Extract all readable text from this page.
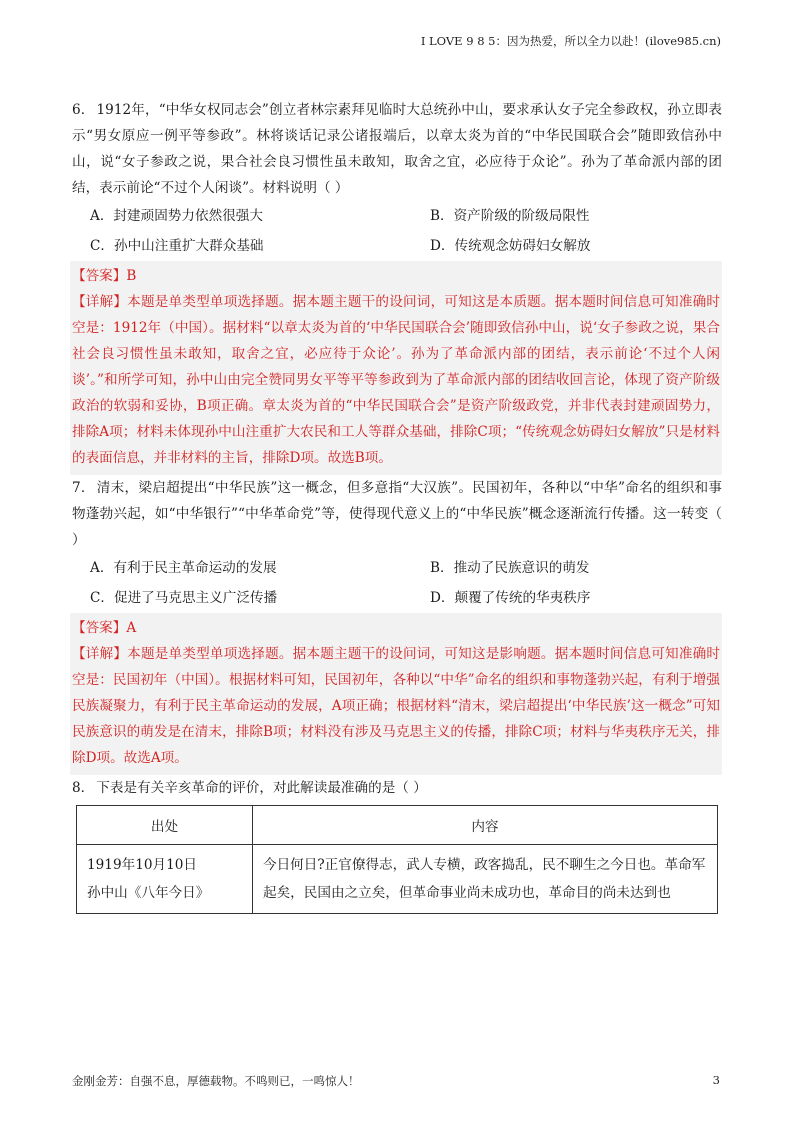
I LOVE 9 8 5：因为热爱，所以全力以赴！(ilove985.cn)

6． 1912年，“中华女权同志会”创立者林宗素拜见临时大总统孙中山，要求承认女子完全参政权，孙立即表示“男女原应一例平等参政”。林将谈话记录公诸报端后，以章太炎为首的“中华民国联合会”随即致信孙中山，说“女子参政之说，果合社会良习惯性虽未敢知，取舍之宜，必应待于众论”。孙为了革命派内部的团结，表示前论“不过个人闲谈”。材料说明（ ）

A．封建顽固势力依然很强大	B．资产阶级的阶级局限性
C．孙中山注重扩大群众基础	D．传统观念妨碍妇女解放

【答案】B

【详解】本题是单类型单项选择题。据本题主题干的设问词，可知这是本质题。据本题时间信息可知准确时空是：1912年（中国）。据材料“以章太炎为首的‘中华民国联合会’随即致信孙中山，说‘女子参政之说，果合社会良习惯性虽未敢知，取舍之宜，必应待于众论’。孙为了革命派内部的团结，表示前论‘不过个人闲谈’。”和所学可知，孙中山由完全赞同男女平等平等参政到为了革命派内部的团结收回言论，体现了资产阶级政治的软弱和妥协，B项正确。章太炎为首的“中华民国联合会”是资产阶级政党，并非代表封建顽固势力，排除A项；材料未体现孙中山注重扩大农民和工人等群众基础，排除C项；“传统观念妨碍妇女解放”只是材料的表面信息，并非材料的主旨，排除D项。故选B项。

7． 清末，梁启超提出“中华民族”这一概念，但多意指“大汉族”。民国初年，各种以“中华”命名的组织和事物蓬勃兴起，如“中华银行”“中华革命党”等，使得现代意义上的“中华民族”概念逐渐流行传播。这一转变（ ）

A．有利于民主革命运动的发展	B．推动了民族意识的萌发
C．促进了马克思主义广泛传播	D．颠覆了传统的华夷秩序

【答案】A

【详解】本题是单类型单项选择题。据本题主题干的设问词，可知这是影响题。据本题时间信息可知准确时空是：民国初年（中国）。根据材料可知，民国初年，各种以“中华”命名的组织和事物蓬勃兴起，有利于增强民族凝聚力，有利于民主革命运动的发展，A项正确；根据材料“清末，梁启超提出‘中华民族’这一概念”可知民族意识的萌发是在清末，排除B项；材料没有涉及马克思主义的传播，排除C项；材料与华夷秩序无关，排除D项。故选A项。

8． 下表是有关辛亥革命的评价，对此解读最准确的是（ ）

出处	内容

1919年10月10日
孙中山《八年今日》	今日何日?正官僚得志，武人专横，政客捣乱，民不聊生之今日也。革命军起矣，民国由之立矣，但革命事业尚未成功也，革命目的尚未达到也
金刚金芳：自强不息，厚德载物。不鸣则已，一鸣惊人！	3
